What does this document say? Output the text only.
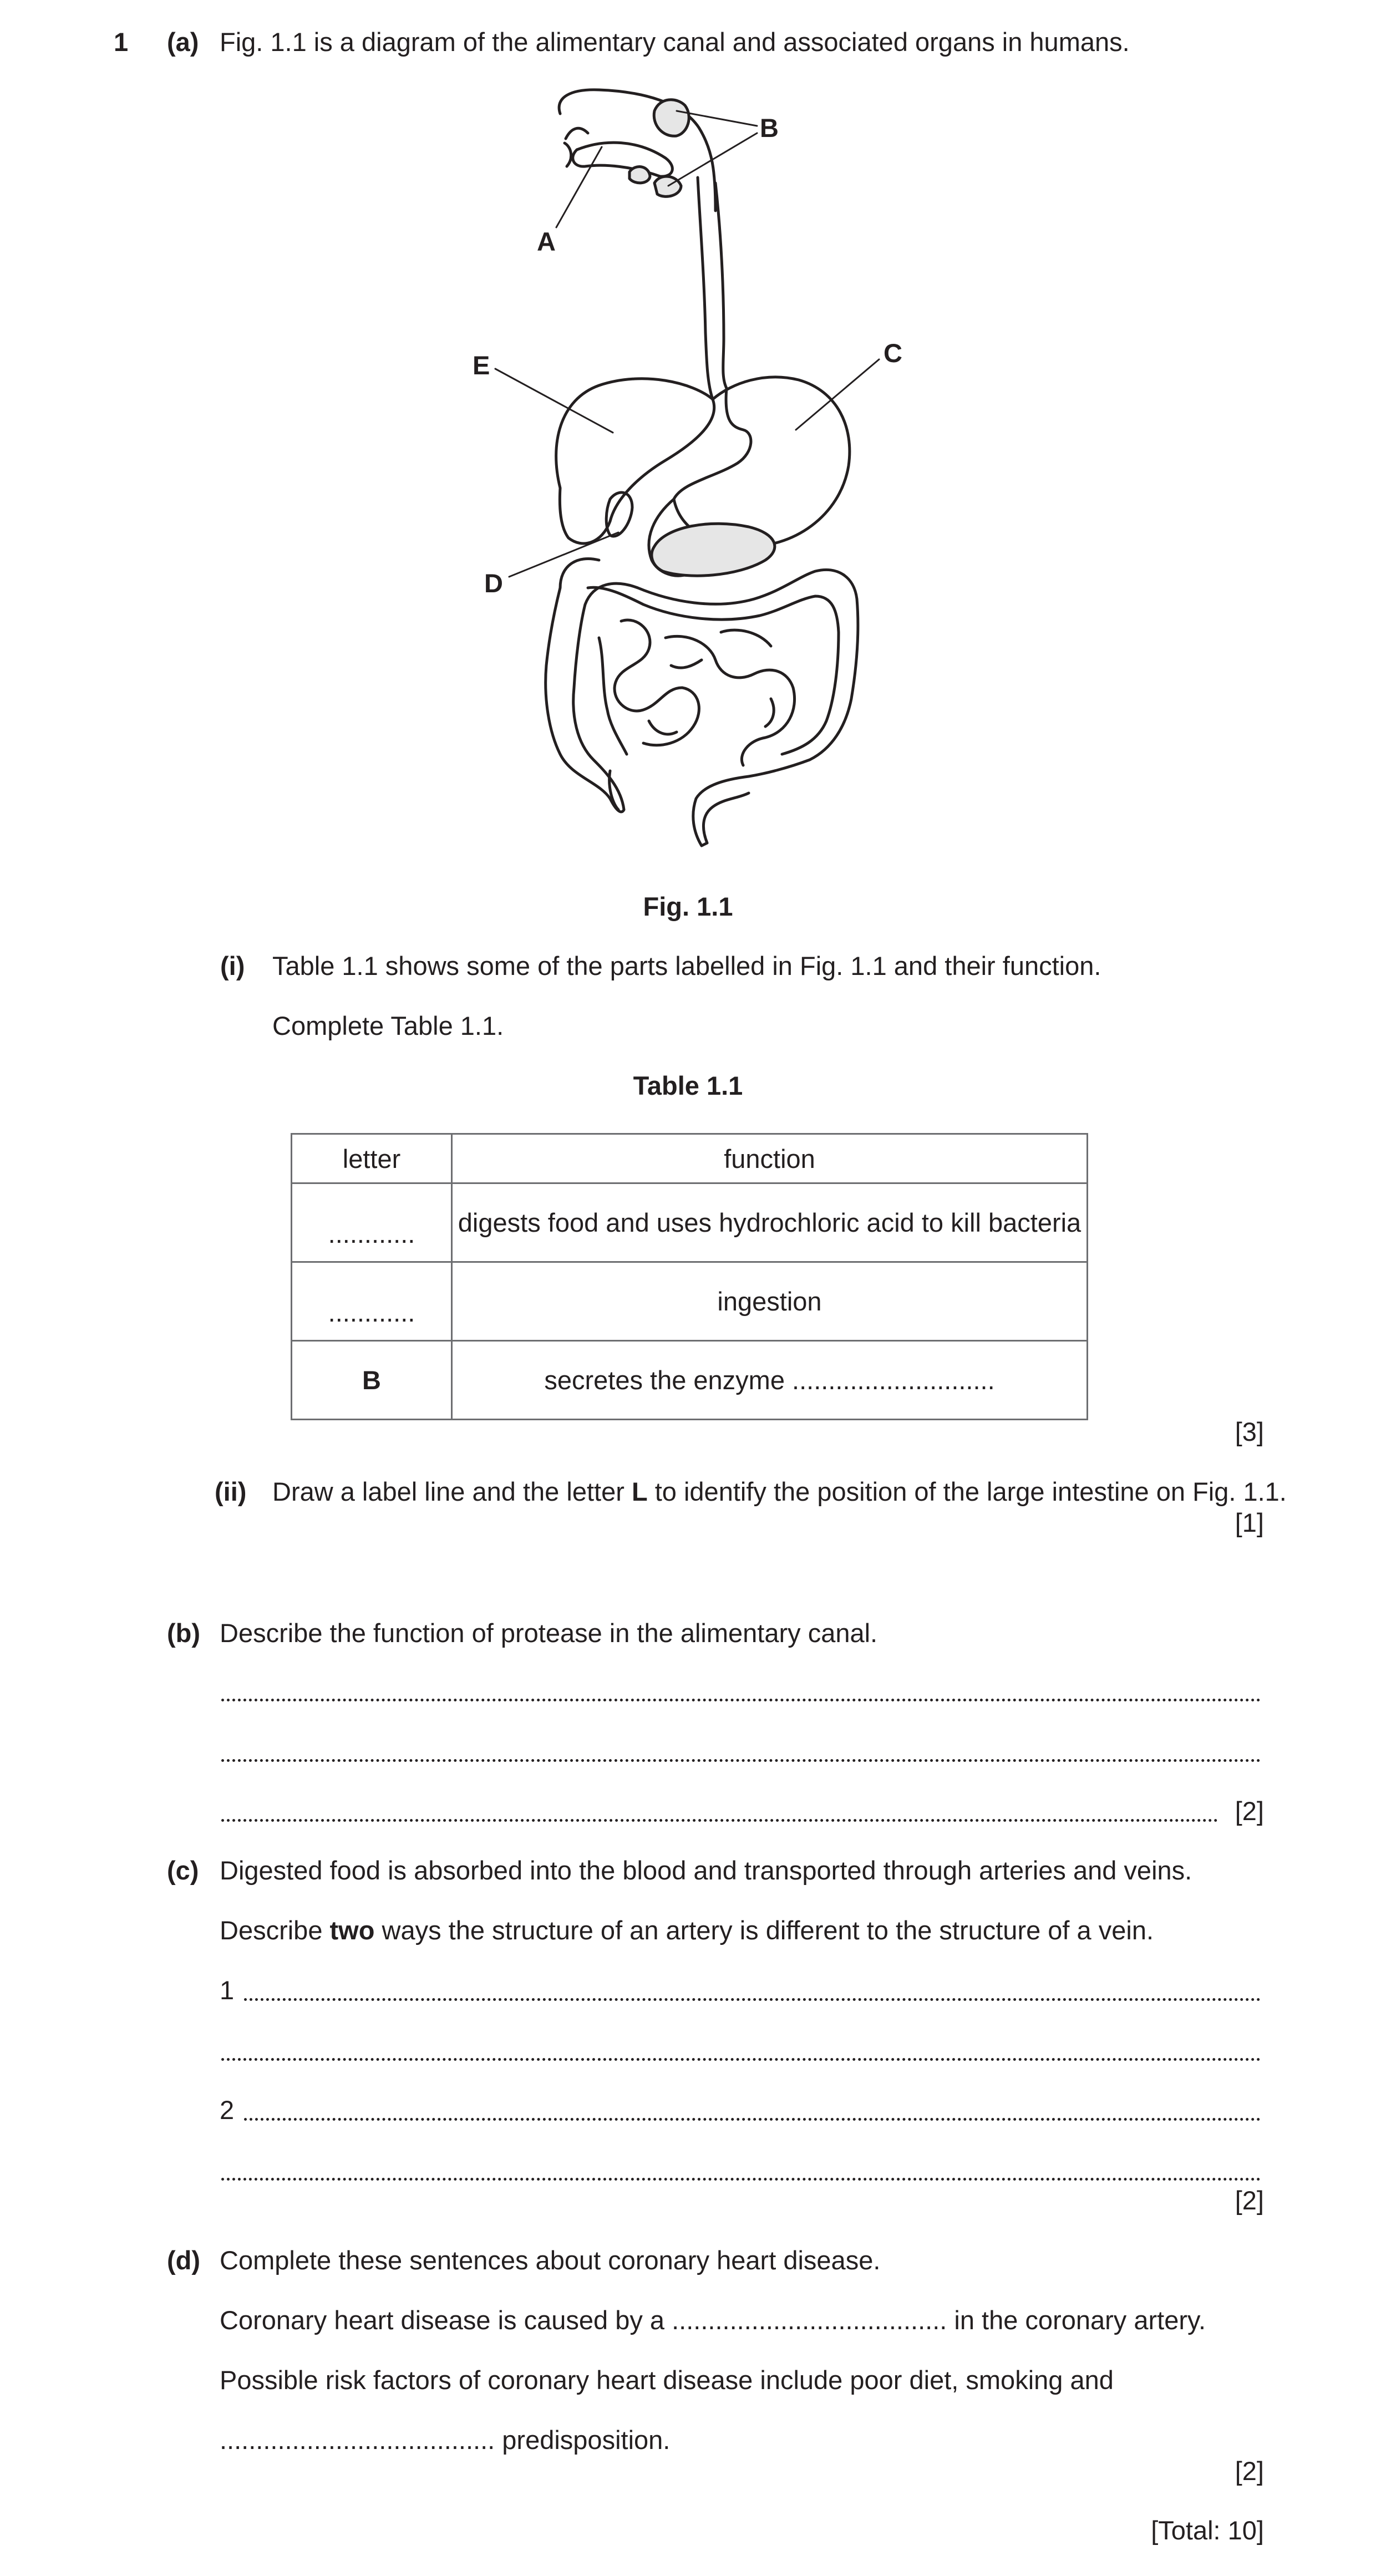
1 (a) Fig. 1.1 is a diagram of the alimentary canal and associated organs in humans.
B
A
C
E
D
Fig. 1.1
(i) Table 1.1 shows some of the parts labelled in Fig. 1.1 and their function.
Complete Table 1.1.
Table 1.1
letter	function
............	digests food and uses hydrochloric acid to kill bacteria
............	ingestion
B	secretes the enzyme ............................
[3]
(ii) Draw a label line and the letter L to identify the position of the large intestine on Fig. 1.1.
[1]
(b) Describe the function of protease in the alimentary canal.
[2]
(c) Digested food is absorbed into the blood and transported through arteries and veins.
Describe two ways the structure of an artery is different to the structure of a vein.
1
2
[2]
(d) Complete these sentences about coronary heart disease.
Coronary heart disease is caused by a ...................................... in the coronary artery.
Possible risk factors of coronary heart disease include poor diet, smoking and
...................................... predisposition.
[2]
[Total: 10]
